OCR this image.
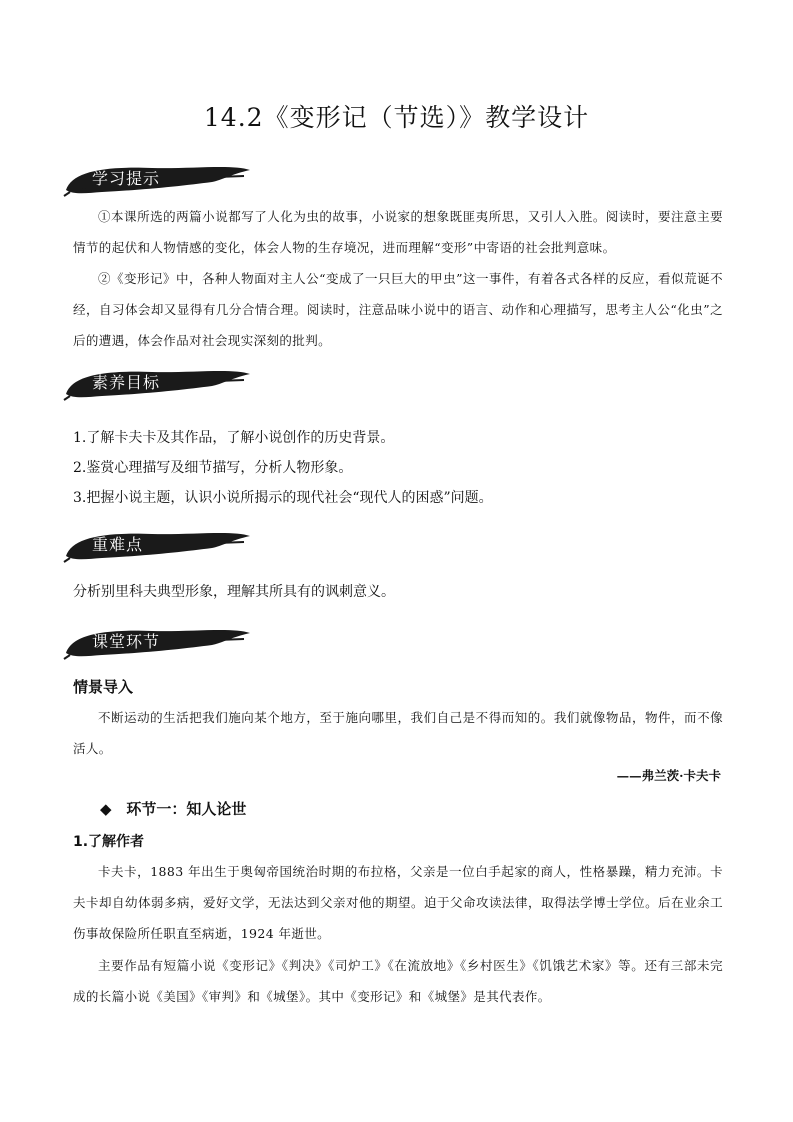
14.2《变形记（节选）》教学设计
学习提示
①本课所选的两篇小说都写了人化为虫的故事，小说家的想象既匪夷所思，又引人入胜。阅读时，要注意主要情节的起伏和人物情感的变化，体会人物的生存境况，进而理解“变形”中寄语的社会批判意味。
②《变形记》中，各种人物面对主人公“变成了一只巨大的甲虫”这一事件，有着各式各样的反应，看似荒诞不经，自习体会却又显得有几分合情合理。阅读时，注意品味小说中的语言、动作和心理描写，思考主人公“化虫”之后的遭遇，体会作品对社会现实深刻的批判。
素养目标
1.了解卡夫卡及其作品，了解小说创作的历史背景。
2.鉴赏心理描写及细节描写，分析人物形象。
3.把握小说主题，认识小说所揭示的现代社会“现代人的困惑”问题。
重难点
分析别里科夫典型形象，理解其所具有的讽刺意义。
课堂环节
情景导入
不断运动的生活把我们施向某个地方，至于施向哪里，我们自己是不得而知的。我们就像物品，物件，而不像活人。
——弗兰茨·卡夫卡
◆ 环节一：知人论世
1.了解作者
卡夫卡，1883 年出生于奥匈帝国统治时期的布拉格，父亲是一位白手起家的商人，性格暴躁，精力充沛。卡夫卡却自幼体弱多病，爱好文学，无法达到父亲对他的期望。迫于父命攻读法律，取得法学博士学位。后在业余工伤事故保险所任职直至病逝，1924 年逝世。
主要作品有短篇小说《变形记》《判决》《司炉工》《在流放地》《乡村医生》《饥饿艺术家》等。还有三部未完成的长篇小说《美国》《审判》和《城堡》。其中《变形记》和《城堡》是其代表作。
